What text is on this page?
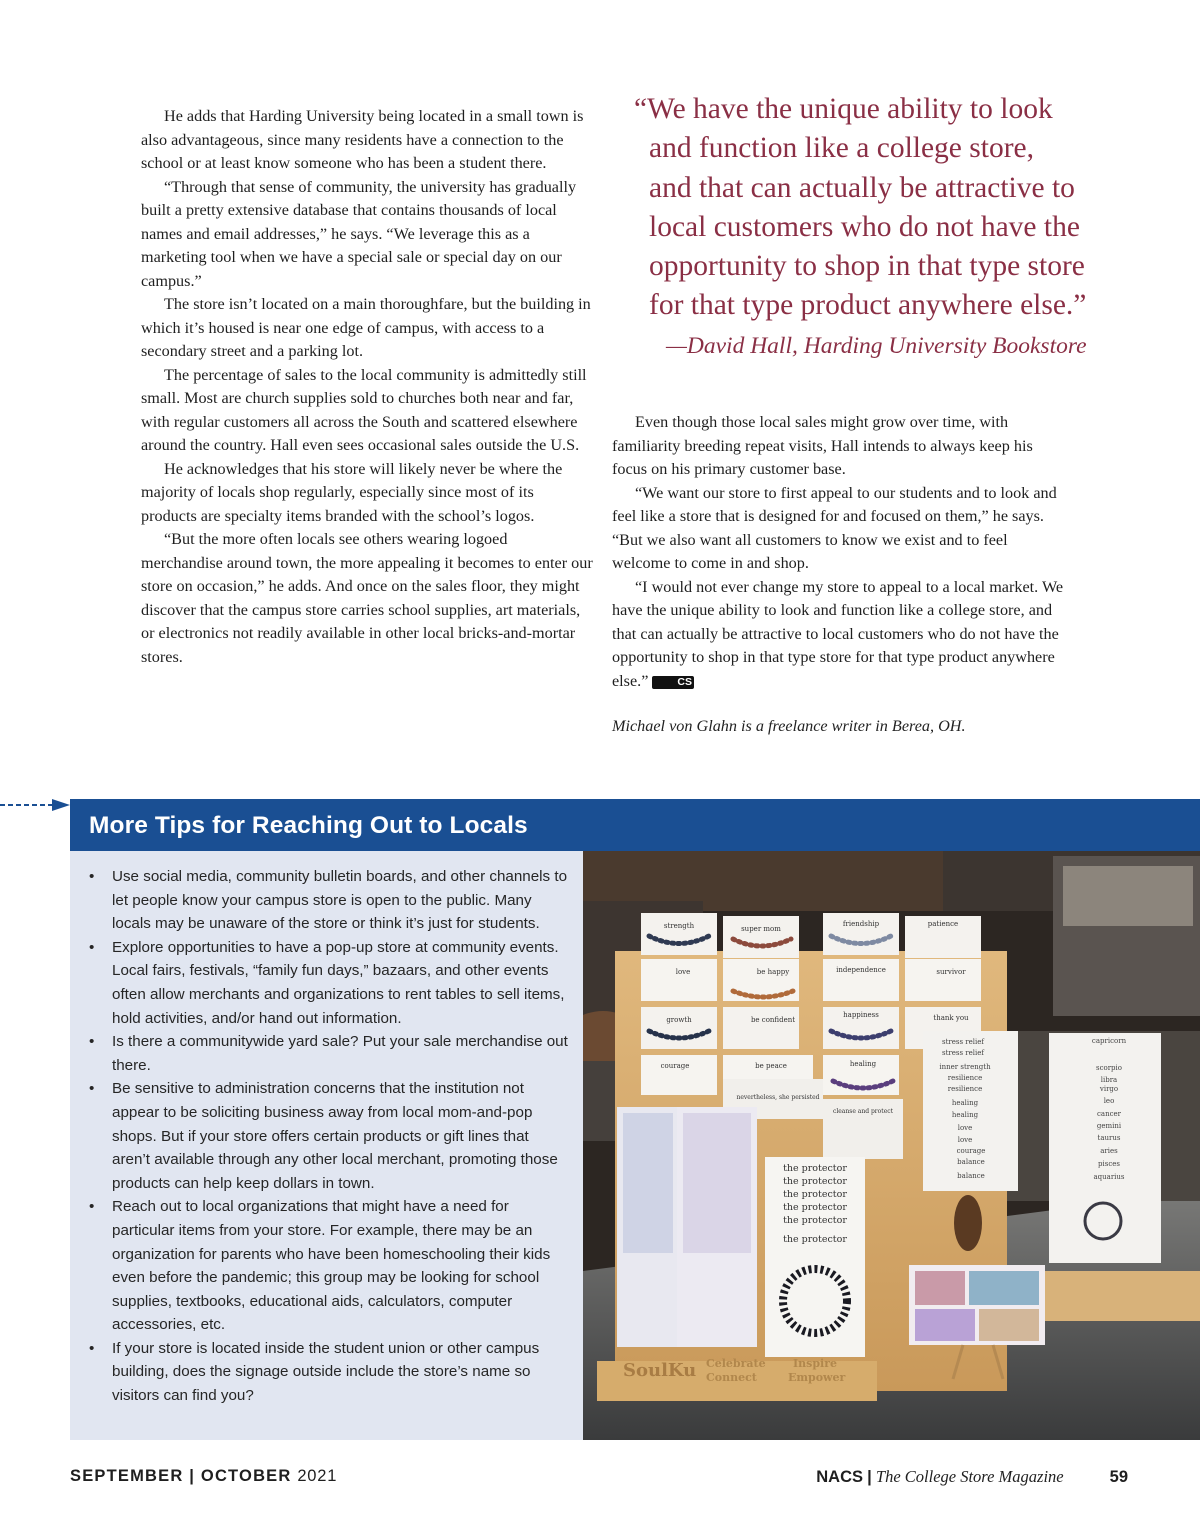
He adds that Harding University being located in a small town is also advantageous, since many residents have a connection to the school or at least know someone who has been a student there.

“Through that sense of community, the university has gradually built a pretty extensive database that contains thousands of local names and email addresses,” he says. “We leverage this as a marketing tool when we have a special sale or special day on our campus.”

The store isn’t located on a main thoroughfare, but the building in which it’s housed is near one edge of campus, with access to a secondary street and a parking lot.

The percentage of sales to the local community is admittedly still small. Most are church supplies sold to churches both near and far, with regular customers all across the South and scattered elsewhere around the country. Hall even sees occasional sales outside the U.S.

He acknowledges that his store will likely never be where the majority of locals shop regularly, especially since most of its products are specialty items branded with the school’s logos.

“But the more often locals see others wearing logoed merchandise around town, the more appealing it becomes to enter our store on occasion,” he adds. And once on the sales floor, they might discover that the campus store carries school supplies, art materials, or electronics not readily available in other local bricks-and-mortar stores.

“We have the unique ability to look
and function like a college store,
and that can actually be attractive to
local customers who do not have the
opportunity to shop in that type store
for that type product anywhere else.”
—David Hall, Harding University Bookstore

Even though those local sales might grow over time, with familiarity breeding repeat visits, Hall intends to always keep his focus on his primary customer base.

“We want our store to first appeal to our students and to look and feel like a store that is designed for and focused on them,” he says. “But we also want all customers to know we exist and to feel welcome to come in and shop.

“I would not ever change my store to appeal to a local market. We have the unique ability to look and function like a college store, and that can actually be attractive to local customers who do not have the opportunity to shop in that type store for that type product anywhere else.”	CS

Michael von Glahn is a freelance writer in Berea, OH.
More Tips for Reaching Out to Locals
• Use social media, community bulletin boards, and other channels to let people know your campus store is open to the public. Many locals may be unaware of the store or think it’s just for students.
• Explore opportunities to have a pop-up store at community events. Local fairs, festivals, “family fun days,” bazaars, and other events often allow merchants and organizations to rent tables to sell items, hold activities, and/or hand out information.
• Is there a communitywide yard sale? Put your sale merchandise out there.
• Be sensitive to administration concerns that the institution not appear to be soliciting business away from local mom-and-pop shops. But if your store offers certain products or gift lines that aren’t available through any other local merchant, promoting those products can help keep dollars in town.
• Reach out to local organizations that might have a need for particular items from your store. For example, there may be an organization for parents who have been homeschooling their kids even before the pandemic; this group may be looking for school supplies, textbooks, educational aids, calculators, computer accessories, etc.
• If your store is located inside the student union or other campus building, does the signage outside include the store’s name so visitors can find you?
SoulKu Celebrate Inspire
Connect	Empower
strength	super mom
friendship	patience
love	be happy	independence	survivor
growth	be confident
happiness	thank you
courage	be peace	healing
nevertheless, she persisted
cleanse and protect
the protector
the protector
the protector
the protector
the protector
the protector
stress relief
stress relief
inner strength
resilience
resilience
healing
healing
love
love
courage
balance
balance
capricorn
scorpio
libra
virgo
leo
cancer
gemini
taurus
aries
pisces
aquarius
SEPTEMBER | OCTOBER 2021	NACS | The College Store Magazine	59
